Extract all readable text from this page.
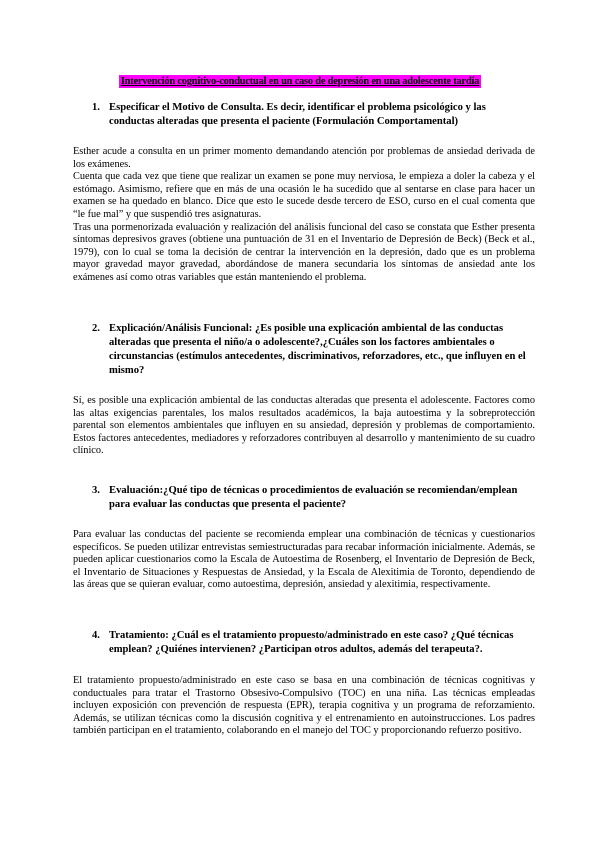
Intervención cognitivo-conductual en un caso de depresión en una adolescente tardía
1. Especificar el Motivo de Consulta. Es decir, identificar el problema psicológico y las conductas alteradas que presenta el paciente (Formulación Comportamental)

Esther acude a consulta en un primer momento demandando atención por problemas de ansiedad derivada de los exámenes.

Cuenta que cada vez que tiene que realizar un examen se pone muy nerviosa, le empieza a doler la cabeza y el estómago. Asimismo, refiere que en más de una ocasión le ha sucedido que al sentarse en clase para hacer un examen se ha quedado en blanco. Dice que esto le sucede desde tercero de ESO, curso en el cual comenta que “le fue mal” y que suspendió tres asignaturas.

Tras una pormenorizada evaluación y realización del análisis funcional del caso se constata que Esther presenta síntomas depresivos graves (obtiene una puntuación de 31 en el Inventario de Depresión de Beck) (Beck et al., 1979), con lo cual se toma la decisión de centrar la intervención en la depresión, dado que es un problema mayor gravedad mayor gravedad, abordándose de manera secundaria los síntomas de ansiedad ante los exámenes así como otras variables que están manteniendo el problema.

2. Explicación/Análisis Funcional: ¿Es posible una explicación ambiental de las conductas alteradas que presenta el niño/a o adolescente?,¿Cuáles son los factores ambientales o circunstancias (estímulos antecedentes, discriminativos, reforzadores, etc., que influyen en el mismo?

Sí, es posible una explicación ambiental de las conductas alteradas que presenta el adolescente. Factores como las altas exigencias parentales, los malos resultados académicos, la baja autoestima y la sobreprotección parental son elementos ambientales que influyen en su ansiedad, depresión y problemas de comportamiento. Estos factores antecedentes, mediadores y reforzadores contribuyen al desarrollo y mantenimiento de su cuadro clínico.

3. Evaluación:¿Qué tipo de técnicas o procedimientos de evaluación se recomiendan/emplean para evaluar las conductas que presenta el paciente?

Para evaluar las conductas del paciente se recomienda emplear una combinación de técnicas y cuestionarios específicos. Se pueden utilizar entrevistas semiestructuradas para recabar información inicialmente. Además, se pueden aplicar cuestionarios como la Escala de Autoestima de Rosenberg, el Inventario de Depresión de Beck, el Inventario de Situaciones y Respuestas de Ansiedad, y la Escala de Alexitimia de Toronto, dependiendo de las áreas que se quieran evaluar, como autoestima, depresión, ansiedad y alexitimia, respectivamente.

4. Tratamiento: ¿Cuál es el tratamiento propuesto/administrado en este caso? ¿Qué técnicas emplean? ¿Quiénes intervienen? ¿Participan otros adultos, además del terapeuta?.

El tratamiento propuesto/administrado en este caso se basa en una combinación de técnicas cognitivas y conductuales para tratar el Trastorno Obsesivo-Compulsivo (TOC) en una niña. Las técnicas empleadas incluyen exposición con prevención de respuesta (EPR), terapia cognitiva y un programa de reforzamiento. Además, se utilizan técnicas como la discusión cognitiva y el entrenamiento en autoinstrucciones. Los padres también participan en el tratamiento, colaborando en el manejo del TOC y proporcionando refuerzo positivo.
